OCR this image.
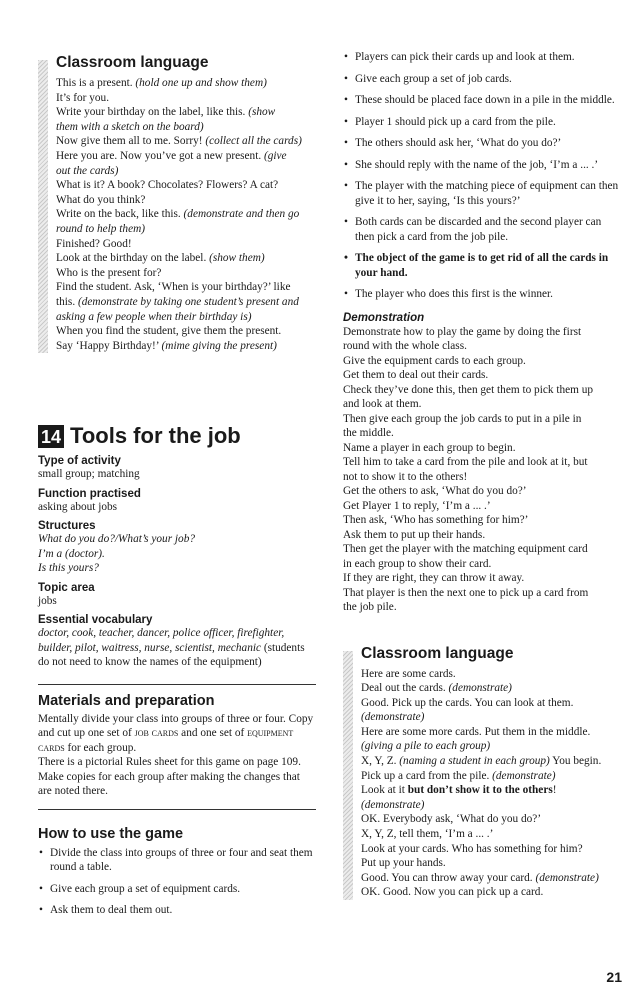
Classroom language
This is a present. (hold one up and show them)
It’s for you.
Write your birthday on the label, like this. (show
them with a sketch on the board)
Now give them all to me. Sorry! (collect all the cards)
Here you are. Now you’ve got a new present. (give
out the cards)
What is it? A book? Chocolates? Flowers? A cat?
What do you think?
Write on the back, like this. (demonstrate and then go
round to help them)
Finished? Good!
Look at the birthday on the label. (show them)
Who is the present for?
Find the student. Ask, ‘When is your birthday?’ like
this. (demonstrate by taking one student’s present and
asking a few people when their birthday is)
When you find the student, give them the present.
Say ‘Happy Birthday!’ (mime giving the present)
14 Tools for the job
Type of activity
small group; matching
Function practised
asking about jobs
Structures
What do you do?/What’s your job?
I’m a (doctor).
Is this yours?
Topic area
jobs
Essential vocabulary
doctor, cook, teacher, dancer, police officer, firefighter, builder, pilot, waitress, nurse, scientist, mechanic (students do not need to know the names of the equipment)
Materials and preparation
Mentally divide your class into groups of three or four. Copy and cut up one set of job cards and one set of equipment cards for each group.
There is a pictorial Rules sheet for this game on page 109. Make copies for each group after making the changes that are noted there.
How to use the game
• Divide the class into groups of three or four and seat them round a table.
• Give each group a set of equipment cards.
• Ask them to deal them out.
• Players can pick their cards up and look at them.
• Give each group a set of job cards.
• These should be placed face down in a pile in the middle.
• Player 1 should pick up a card from the pile.
• The others should ask her, ‘What do you do?’
• She should reply with the name of the job, ‘I’m a ... .’
• The player with the matching piece of equipment can then give it to her, saying, ‘Is this yours?’
• Both cards can be discarded and the second player can then pick a card from the job pile.
• The object of the game is to get rid of all the cards in your hand.
• The player who does this first is the winner.
Demonstration
Demonstrate how to play the game by doing the first
round with the whole class.
Give the equipment cards to each group.
Get them to deal out their cards.
Check they’ve done this, then get them to pick them up
and look at them.
Then give each group the job cards to put in a pile in
the middle.
Name a player in each group to begin.
Tell him to take a card from the pile and look at it, but
not to show it to the others!
Get the others to ask, ‘What do you do?’
Get Player 1 to reply, ‘I’m a ... .’
Then ask, ‘Who has something for him?’
Ask them to put up their hands.
Then get the player with the matching equipment card
in each group to show their card.
If they are right, they can throw it away.
That player is then the next one to pick up a card from
the job pile.
Classroom language
Here are some cards.
Deal out the cards. (demonstrate)
Good. Pick up the cards. You can look at them.
(demonstrate)
Here are some more cards. Put them in the middle.
(giving a pile to each group)
X, Y, Z. (naming a student in each group) You begin.
Pick up a card from the pile. (demonstrate)
Look at it but don’t show it to the others!
(demonstrate)
OK. Everybody ask, ‘What do you do?’
X, Y, Z, tell them, ‘I’m a ... .’
Look at your cards. Who has something for him?
Put up your hands.
Good. You can throw away your card. (demonstrate)
OK. Good. Now you can pick up a card.
21
